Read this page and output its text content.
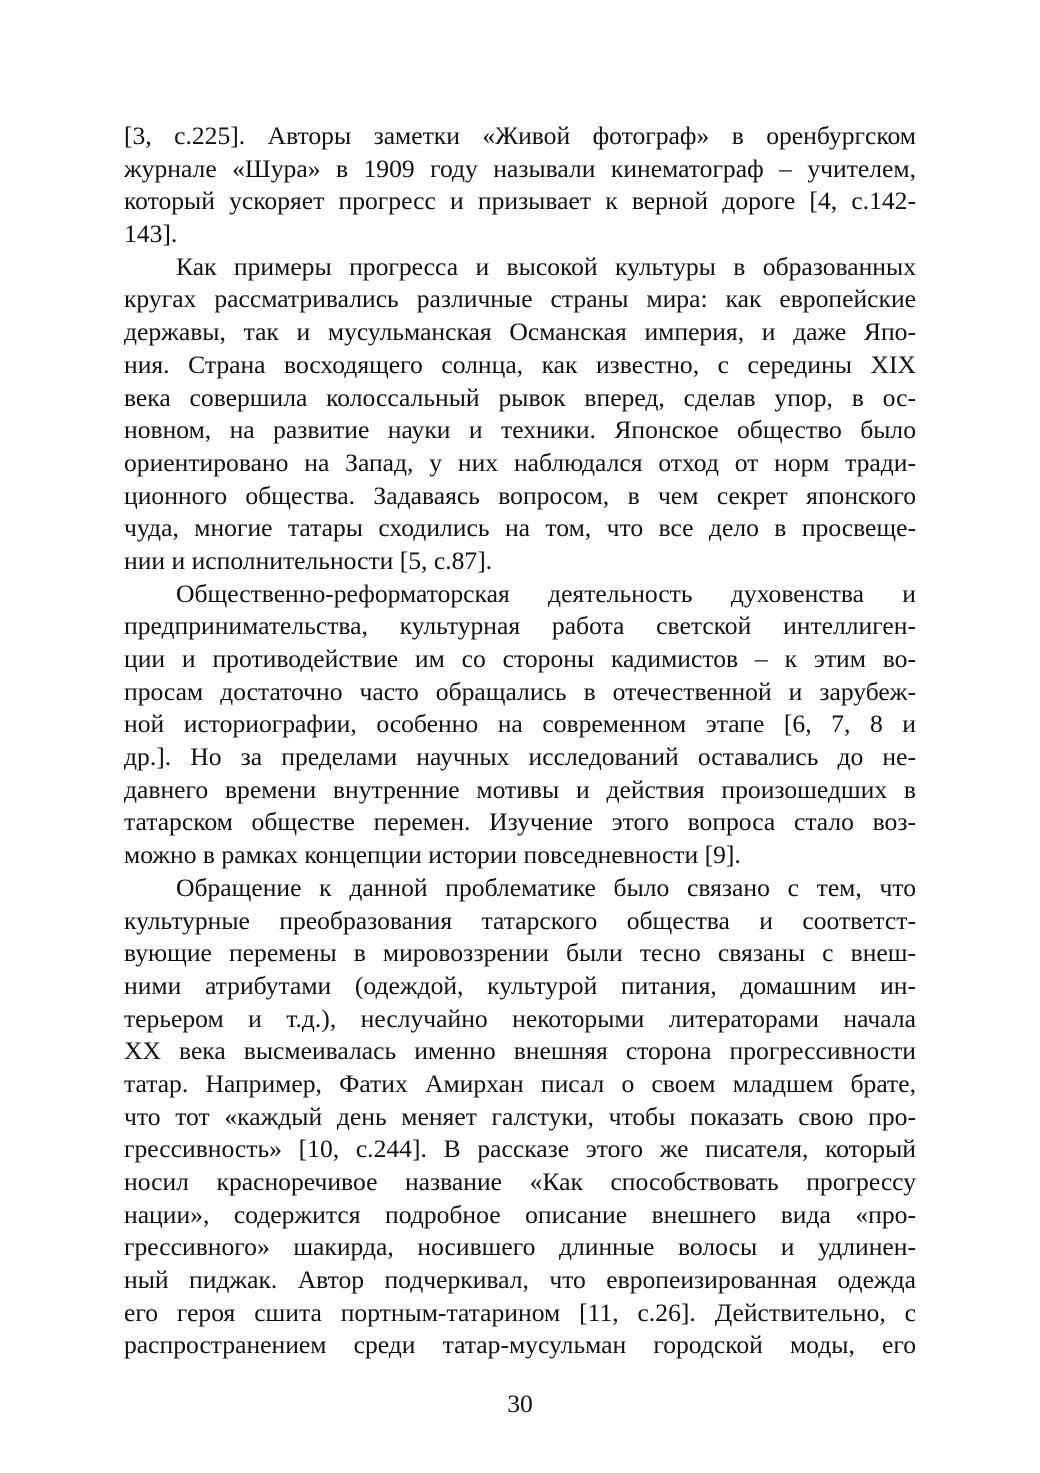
[3, с.225]. Авторы заметки «Живой фотограф» в оренбургском
журнале «Шура» в 1909 году называли кинематограф – учителем,
который ускоряет прогресс и призывает к верной дороге [4, с.142-
143].
Как примеры прогресса и высокой культуры в образованных
кругах рассматривались различные страны мира: как европейские
державы, так и мусульманская Османская империя, и даже Япо-
ния. Страна восходящего солнца, как известно, с середины XIX
века совершила колоссальный рывок вперед, сделав упор, в ос-
новном, на развитие науки и техники. Японское общество было
ориентировано на Запад, у них наблюдался отход от норм тради-
ционного общества. Задаваясь вопросом, в чем секрет японского
чуда, многие татары сходились на том, что все дело в просвеще-
нии и исполнительности [5, с.87].
Общественно-реформаторская деятельность духовенства и
предпринимательства, культурная работа светской интеллиген-
ции и противодействие им со стороны кадимистов – к этим во-
просам достаточно часто обращались в отечественной и зарубеж-
ной историографии, особенно на современном этапе [6, 7, 8 и
др.]. Но за пределами научных исследований оставались до не-
давнего времени внутренние мотивы и действия произошедших в
татарском обществе перемен. Изучение этого вопроса стало воз-
можно в рамках концепции истории повседневности [9].
Обращение к данной проблематике было связано с тем, что
культурные преобразования татарского общества и соответст-
вующие перемены в мировоззрении были тесно связаны с внеш-
ними атрибутами (одеждой, культурой питания, домашним ин-
терьером и т.д.), неслучайно некоторыми литераторами начала
XX века высмеивалась именно внешняя сторона прогрессивности
татар. Например, Фатих Амирхан писал о своем младшем брате,
что тот «каждый день меняет галстуки, чтобы показать свою про-
грессивность» [10, с.244]. В рассказе этого же писателя, который
носил красноречивое название «Как способствовать прогрессу
нации», содержится подробное описание внешнего вида «про-
грессивного» шакирда, носившего длинные волосы и удлинен-
ный пиджак. Автор подчеркивал, что европеизированная одежда
его героя сшита портным-татарином [11, с.26]. Действительно, с
распространением среди татар-мусульман городской моды, его
30
